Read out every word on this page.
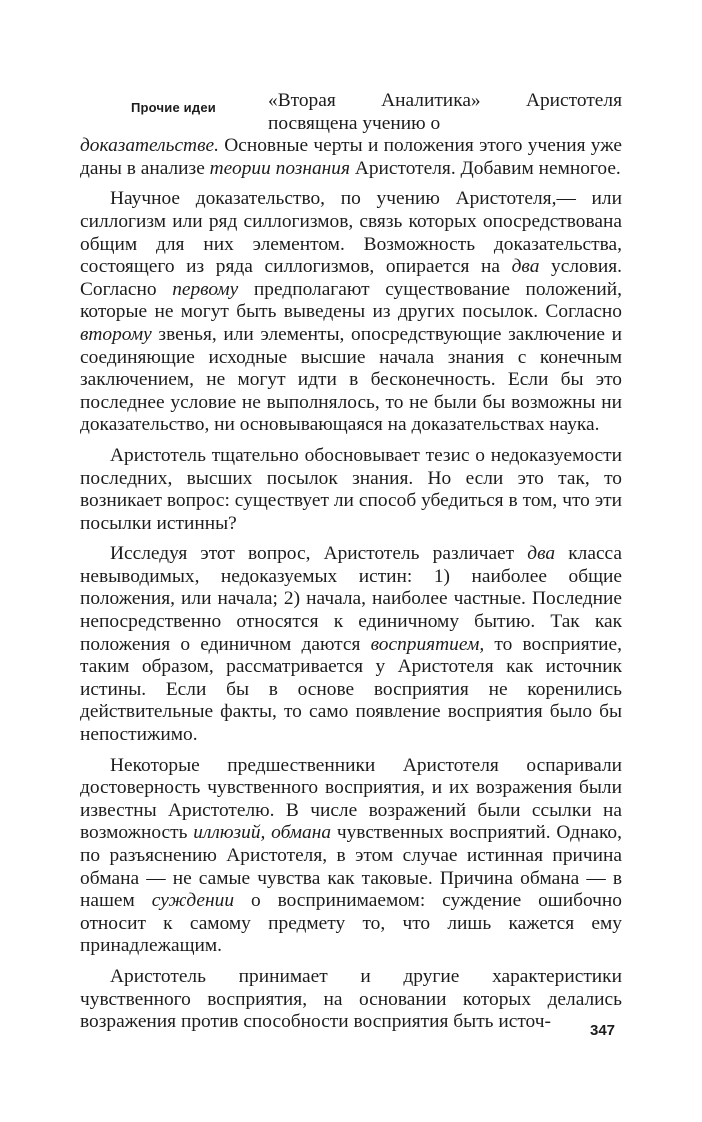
Прочие идеи	«Вторая Аналитика» Аристотеля посвящена учению о
доказательстве. Основные черты и положения этого учения уже даны в анализе теории познания Аристотеля. Добавим немногое.

Научное доказательство, по учению Аристотеля,— или силлогизм или ряд силлогизмов, связь которых опосредствована общим для них элементом. Возможность доказательства, состоящего из ряда силлогизмов, опирается на два условия. Согласно первому предполагают существование положений, которые не могут быть выведены из других посылок. Согласно второму звенья, или элементы, опосредствующие заключение и соединяющие исходные высшие начала знания с конечным заключением, не могут идти в бесконечность. Если бы это последнее условие не выполнялось, то не были бы возможны ни доказательство, ни основывающаяся на доказательствах наука.

Аристотель тщательно обосновывает тезис о недоказуемости последних, высших посылок знания. Но если это так, то возникает вопрос: существует ли способ убедиться в том, что эти посылки истинны?

Исследуя этот вопрос, Аристотель различает два класса невыводимых, недоказуемых истин: 1) наиболее общие положения, или начала; 2) начала, наиболее частные. Последние непосредственно относятся к единичному бытию. Так как положения о единичном даются восприятием, то восприятие, таким образом, рассматривается у Аристотеля как источник истины. Если бы в основе восприятия не коренились действительные факты, то само появление восприятия было бы непостижимо.

Некоторые предшественники Аристотеля оспаривали достоверность чувственного восприятия, и их возражения были известны Аристотелю. В числе возражений были ссылки на возможность иллюзий, обмана чувственных восприятий. Однако, по разъяснению Аристотеля, в этом случае истинная причина обмана — не самые чувства как таковые. Причина обмана — в нашем суждении о воспринимаемом: суждение ошибочно относит к самому предмету то, что лишь кажется ему принадлежащим.

Аристотель принимает и другие характеристики чувственного восприятия, на основании которых делались возражения против способности восприятия быть источ-	347
